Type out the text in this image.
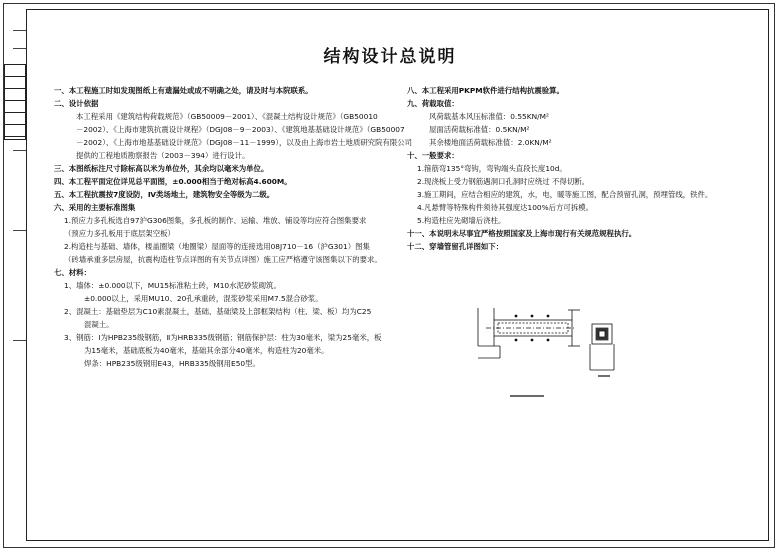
结构设计总说明
一、本工程施工时如发现图纸上有遗漏处或成不明确之处，请及时与本院联系。
二、设计依据
本工程采用《建筑结构荷载规范》（GB50009－2001）、《混凝土结构设计规范》（GB50010
－2002）、《上海市建筑抗震设计规程》（DGJ08－9－2003）、《建筑地基基础设计规范》（GB50007
－2002）、《上海市地基基础设计规范》（DGJ08－11－1999），以及由上海市岩土地质研究院有限公司
提供的工程地质勘察报告（2003－394）进行设计。
三、本图纸标注尺寸除标高以米为单位外，其余均以毫米为单位。
四、本工程平面定位详见总平面图，±0.000相当于绝对标高4.600M。
五、本工程抗震按7度设防，Ⅳ类场地土，建筑物安全等级为二级。
六、采用的主要标准图集
1.预应力多孔板选自97沪G306图集，多孔板的制作、运输、堆放、铺设等均应符合图集要求
（预应力多孔板用于底层架空板）
2.构造柱与基础、墙体，楼盖圈梁（地圈梁）屋面等的连接选用08J710－16（沪G301）图集
（砖墙承重多层房屋，抗震构造柱节点详图的有关节点详图）施工应严格遵守该图集以下的要求。
七、材料：
1、墙体：±0.000以下，MU15标准粘土砖，M10水泥砂浆砌筑。
±0.000以上，采用MU10、20孔承重砖，混浆砂浆采用M7.5混合砂浆。
2、混凝土：基础垫层为C10素混凝土，基础、基础梁及上部框架结构（柱、梁、板）均为C25
混凝土。
3、钢筋：Ⅰ为HPB235级钢筋，Ⅱ为HRB335级钢筋；钢筋保护层：柱为30毫米，梁为25毫米，板
为15毫米，基础底板为40毫米，基础其余部分40毫米，构造柱为20毫米。
焊条：HPB235级钢用E43，HRB335级钢用E50型。
八、本工程采用PKPM软件进行结构抗震验算。
九、荷载取值：
风荷载基本风压标准值：0.55KN/M²
屋面活荷载标准值：0.5KN/M²
其余楼地面活荷载标准值：2.0KN/M²
十、一般要求：
1.箍筋弯135°弯钩，弯钩端头直段长度10d。
2.现浇板上受力钢筋遇洞口孔洞时应绕过 不得切断。
3.施工期间，应结合相应的建筑，水，电，暖等施工图，配合预留孔洞，预埋管线，铁件。
4.凡悬臂等特殊构件须待其强度达100%后方可拆模。
5.构造柱应先砌墙后浇柱。
十一、本说明未尽事宜严格按照国家及上海市现行有关规范规程执行。
十二、穿墙管留孔详图如下：
